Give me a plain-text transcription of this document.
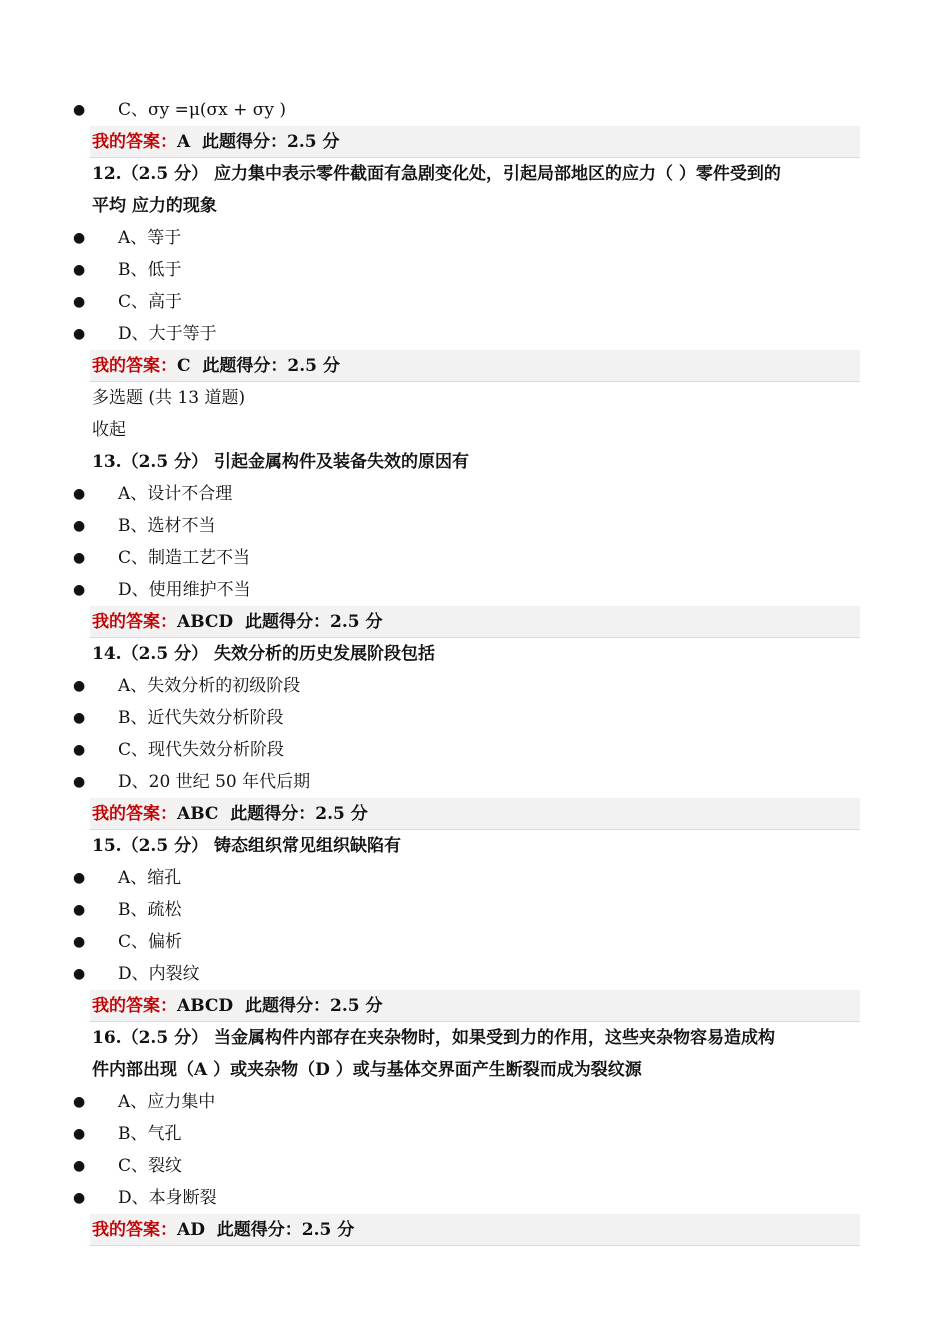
● C、σy =μ(σx + σy )
我的答案：A 此题得分：2.5 分
12.（2.5 分） 应力集中表示零件截面有急剧变化处，引起局部地区的应力（ ）零件受到的
平均 应力的现象
● A、等于
● B、低于
● C、高于
● D、大于等于
我的答案：C 此题得分：2.5 分
多选题 (共 13 道题)
收起
13.（2.5 分） 引起金属构件及装备失效的原因有
● A、设计不合理
● B、选材不当
● C、制造工艺不当
● D、使用维护不当
我的答案：ABCD 此题得分：2.5 分
14.（2.5 分） 失效分析的历史发展阶段包括
● A、失效分析的初级阶段
● B、近代失效分析阶段
● C、现代失效分析阶段
● D、20 世纪 50 年代后期
我的答案：ABC 此题得分：2.5 分
15.（2.5 分） 铸态组织常见组织缺陷有
● A、缩孔
● B、疏松
● C、偏析
● D、内裂纹
我的答案：ABCD 此题得分：2.5 分
16.（2.5 分） 当金属构件内部存在夹杂物时，如果受到力的作用，这些夹杂物容易造成构
件内部出现（A ）或夹杂物（D ）或与基体交界面产生断裂而成为裂纹源
● A、应力集中
● B、气孔
● C、裂纹
● D、本身断裂
我的答案：AD 此题得分：2.5 分
